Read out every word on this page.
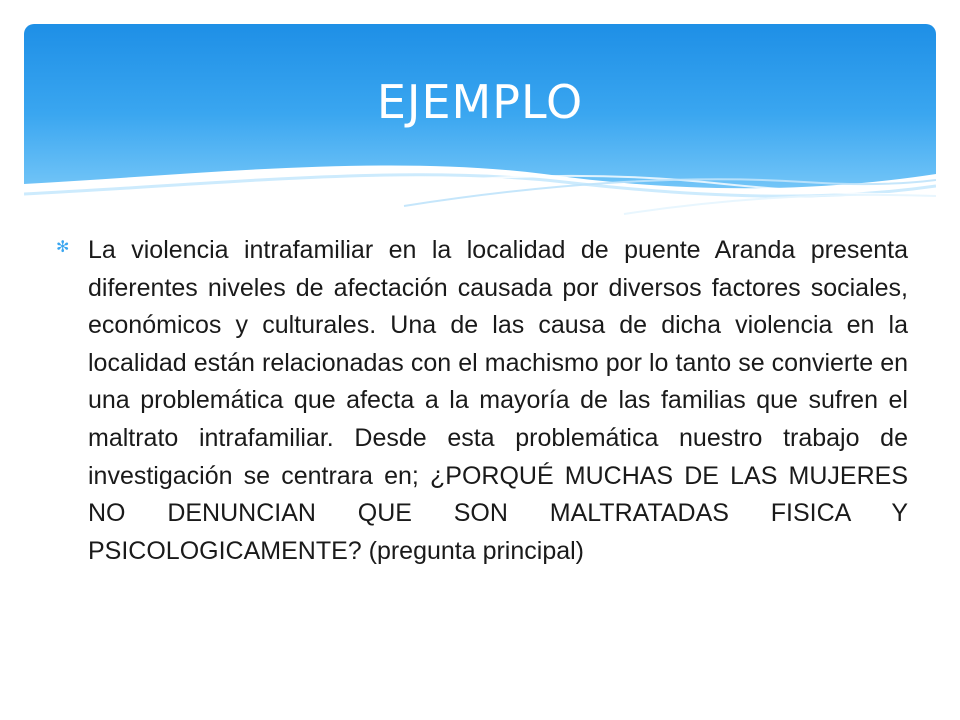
EJEMPLO
✻ La violencia intrafamiliar en la localidad de puente Aranda presenta diferentes niveles de afectación causada por diversos factores sociales, económicos y culturales. Una de las causa de dicha violencia en la localidad están relacionadas con el machismo por lo tanto se convierte en una problemática que afecta a la mayoría de las familias que sufren el maltrato intrafamiliar. Desde esta problemática nuestro trabajo de investigación se centrara en; ¿PORQUÉ MUCHAS DE LAS MUJERES NO DENUNCIAN QUE SON MALTRATADAS FISICA Y PSICOLOGICAMENTE? (pregunta principal)
